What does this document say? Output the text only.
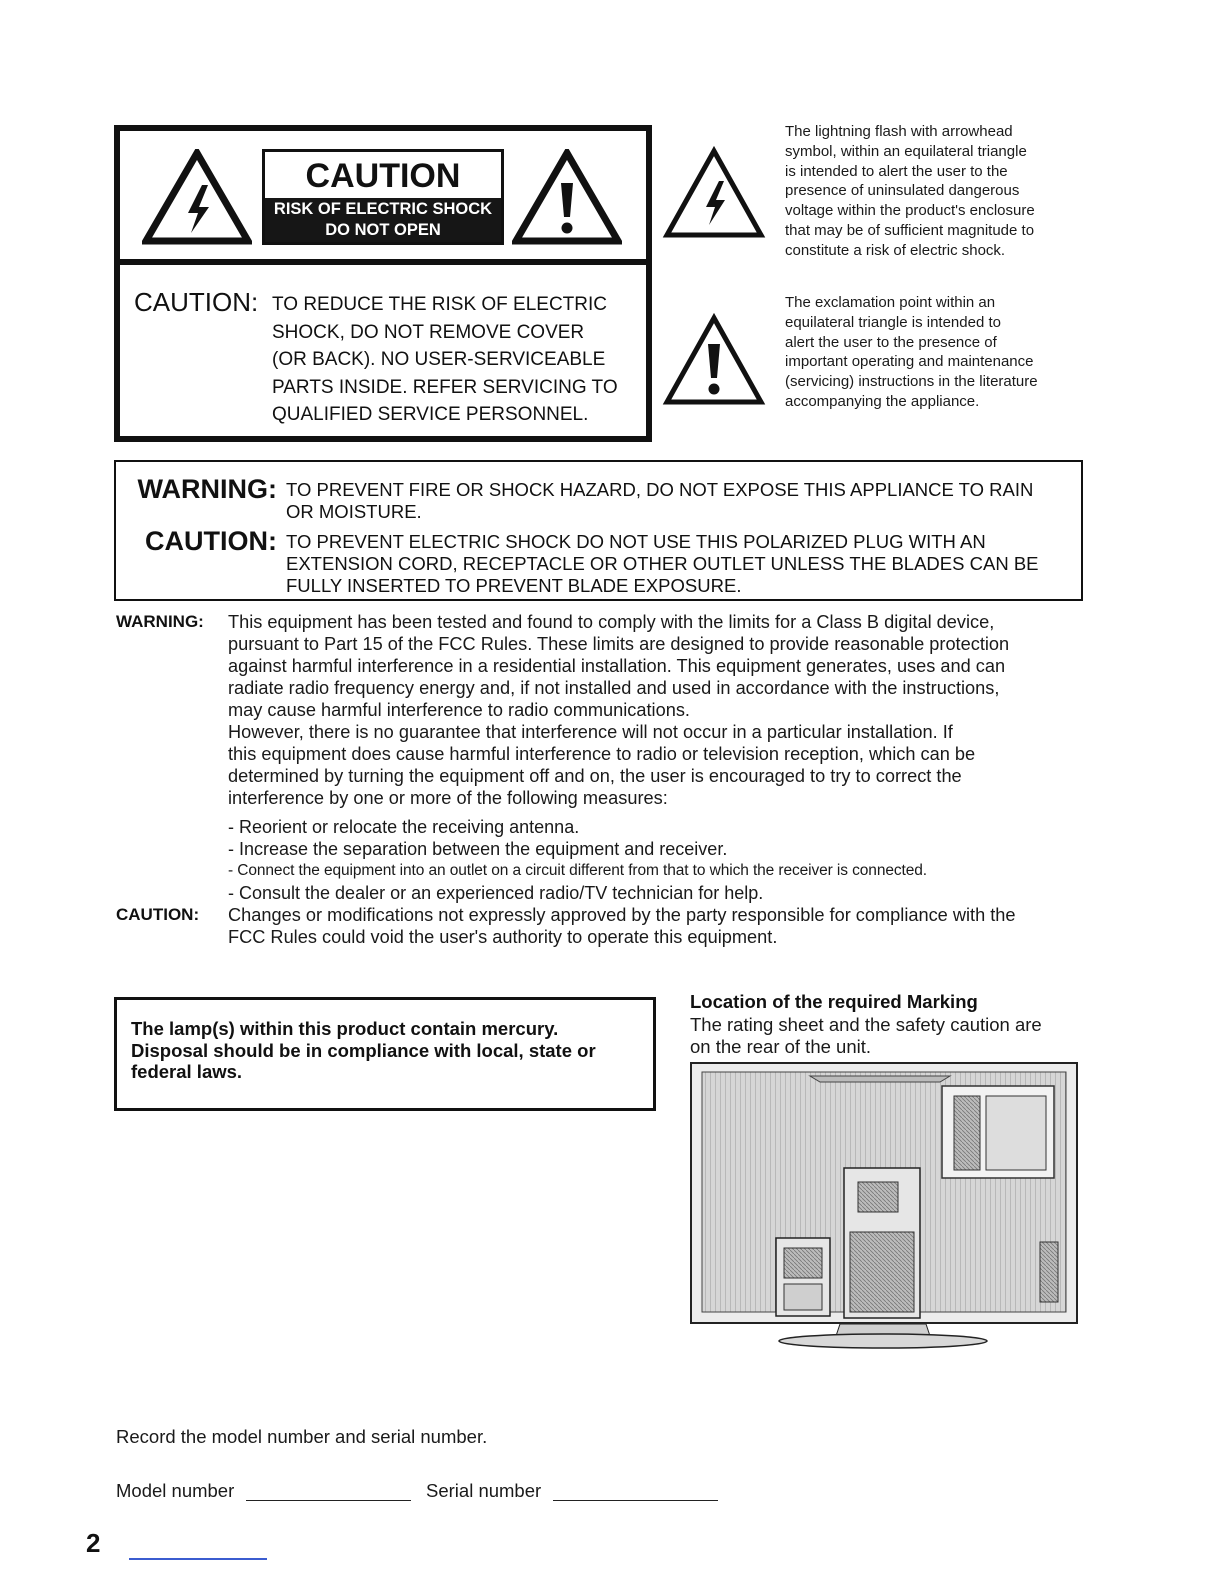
CAUTION
RISK OF ELECTRIC SHOCK
DO NOT OPEN
CAUTION: TO REDUCE THE RISK OF ELECTRIC
SHOCK, DO NOT REMOVE COVER
(OR BACK). NO USER-SERVICEABLE
PARTS INSIDE. REFER SERVICING TO
QUALIFIED SERVICE PERSONNEL.
The lightning flash with arrowhead
symbol, within an equilateral triangle
is intended to alert the user to the
presence of uninsulated dangerous
voltage within the product's enclosure
that may be of sufficient magnitude to
constitute a risk of electric shock.
The exclamation point within an
equilateral triangle is intended to
alert the user to the presence of
important operating and maintenance
(servicing) instructions in the literature
accompanying the appliance.
WARNING: TO PREVENT FIRE OR SHOCK HAZARD, DO NOT EXPOSE THIS APPLIANCE TO RAIN
OR MOISTURE.
CAUTION: TO PREVENT ELECTRIC SHOCK DO NOT USE THIS POLARIZED PLUG WITH AN
EXTENSION CORD, RECEPTACLE OR OTHER OUTLET UNLESS THE BLADES CAN BE
FULLY INSERTED TO PREVENT BLADE EXPOSURE.
WARNING: This equipment has been tested and found to comply with the limits for a Class B digital device,
pursuant to Part 15 of the FCC Rules. These limits are designed to provide reasonable protection
against harmful interference in a residential installation. This equipment generates, uses and can
radiate radio frequency energy and, if not installed and used in accordance with the instructions,
may cause harmful interference to radio communications.
However, there is no guarantee that interference will not occur in a particular installation. If
this equipment does cause harmful interference to radio or television reception, which can be
determined by turning the equipment off and on, the user is encouraged to try to correct the
interference by one or more of the following measures:
- Reorient or relocate the receiving antenna.
- Increase the separation between the equipment and receiver.
- Connect the equipment into an outlet on a circuit different from that to which the receiver is connected.
- Consult the dealer or an experienced radio/TV technician for help.
CAUTION: Changes or modifications not expressly approved by the party responsible for compliance with the
FCC Rules could void the user's authority to operate this equipment.
The lamp(s) within this product contain mercury.
Disposal should be in compliance with local, state or
federal laws.
Location of the required Marking
The rating sheet and the safety caution are
on the rear of the unit.
Record the model number and serial number.
Model number	Serial number
2
